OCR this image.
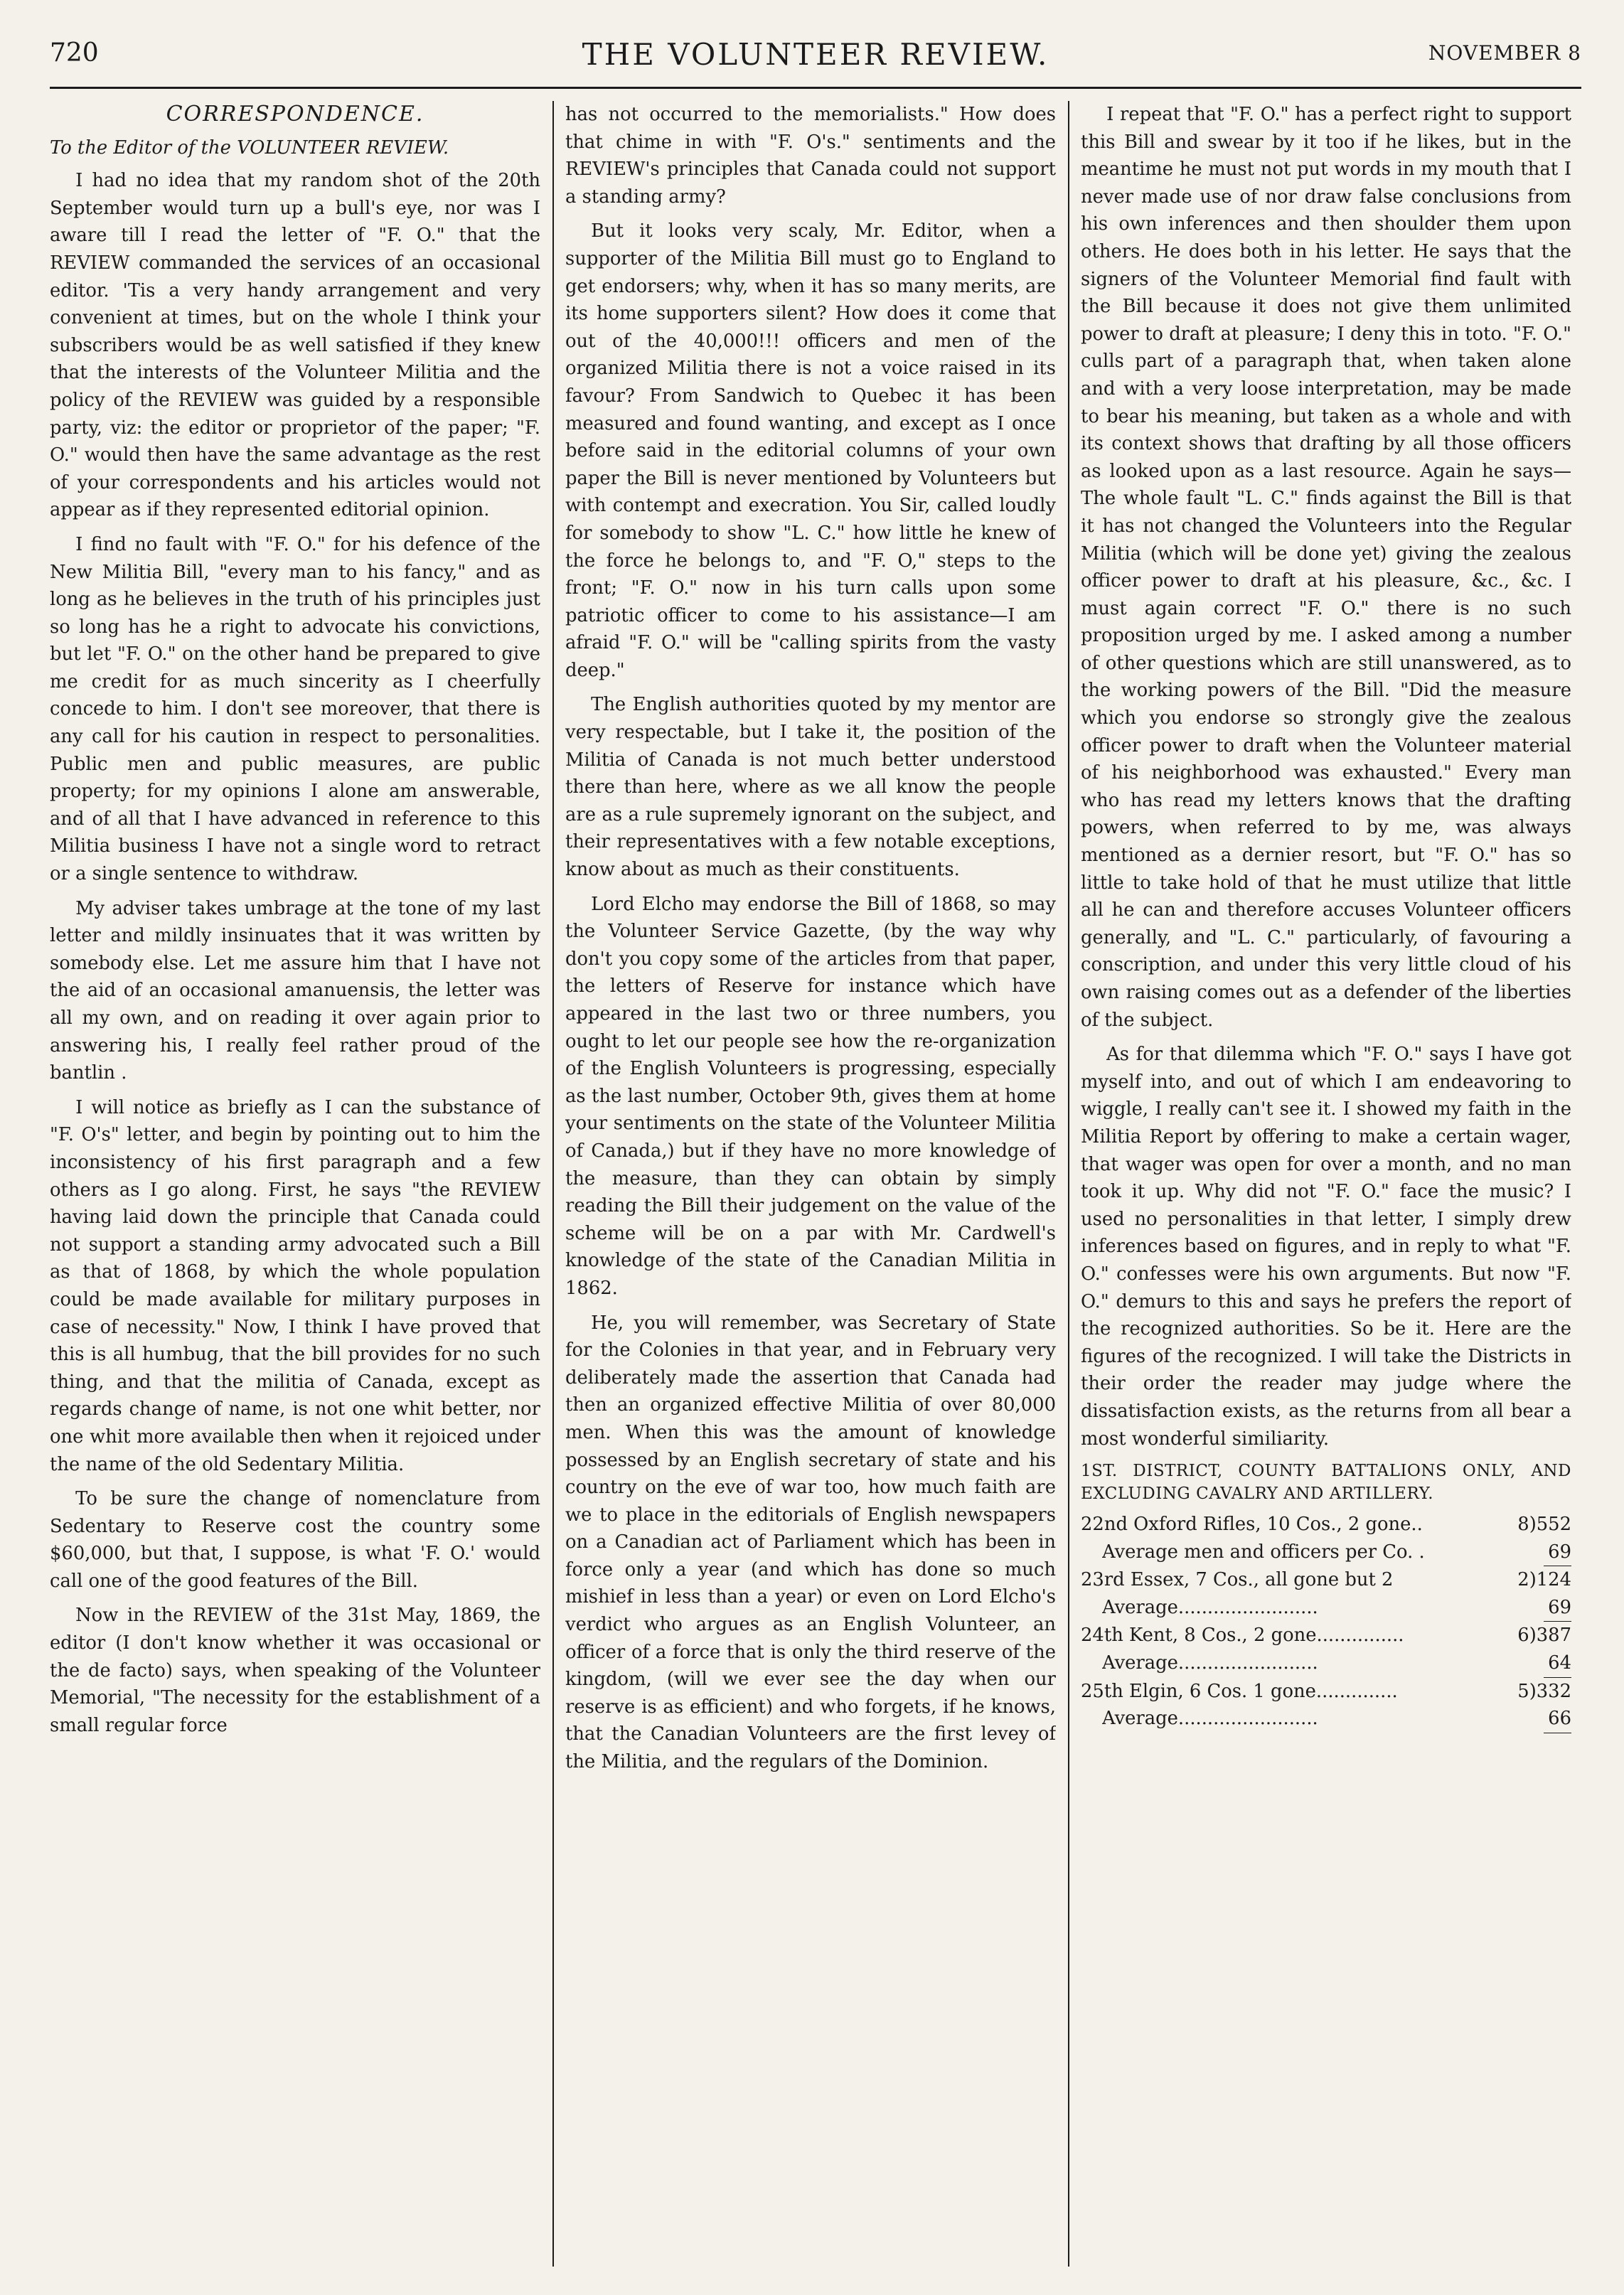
720	THE VOLUNTEER REVIEW.	NOVEMBER 8
CORRESPONDENCE.
To the Editor of the VOLUNTEER REVIEW.

I had no idea that my random shot of the 20th September would turn up a bull's eye, nor was I aware till I read the letter of "F. O." that the REVIEW commanded the services of an occasional editor. 'Tis a very handy arrangement and very convenient at times, but on the whole I think your subscribers would be as well satisfied if they knew that the interests of the Volunteer Militia and the policy of the REVIEW was guided by a responsible party, viz: the editor or proprietor of the paper; "F. O." would then have the same advantage as the rest of your correspondents and his articles would not appear as if they represented editorial opinion.

I find no fault with "F. O." for his defence of the New Militia Bill, "every man to his fancy," and as long as he believes in the truth of his principles just so long has he a right to advocate his convictions, but let "F. O." on the other hand be prepared to give me credit for as much sincerity as I cheerfully concede to him. I don't see moreover, that there is any call for his caution in respect to personalities. Public men and public measures, are public property; for my opinions I alone am answerable, and of all that I have advanced in reference to this Militia business I have not a single word to retract or a single sentence to withdraw.

My adviser takes umbrage at the tone of my last letter and mildly insinuates that it was written by somebody else. Let me assure him that I have not the aid of an occasional amanuensis, the letter was all my own, and on reading it over again prior to answering his, I really feel rather proud of the bantlin .

I will notice as briefly as I can the substance of "F. O's" letter, and begin by pointing out to him the inconsistency of his first paragraph and a few others as I go along. First, he says "the REVIEW having laid down the principle that Canada could not support a standing army advocated such a Bill as that of 1868, by which the whole population could be made available for military purposes in case of necessity." Now, I think I have proved that this is all humbug, that the bill provides for no such thing, and that the militia of Canada, except as regards change of name, is not one whit better, nor one whit more available then when it rejoiced under the name of the old Sedentary Militia.

To be sure the change of nomenclature from Sedentary to Reserve cost the country some $60,000, but that, I suppose, is what 'F. O.' would call one of the good features of the Bill.

Now in the REVIEW of the 31st May, 1869, the editor (I don't know whether it was occasional or the de facto) says, when speaking of the Volunteer Memorial, "The necessity for the establishment of a small regular force

has not occurred to the memorialists." How does that chime in with "F. O's." sentiments and the REVIEW's principles that Canada could not support a standing army?

But it looks very scaly, Mr. Editor, when a supporter of the Militia Bill must go to England to get endorsers; why, when it has so many merits, are its home supporters silent? How does it come that out of the 40,000!!! officers and men of the organized Militia there is not a voice raised in its favour? From Sandwich to Quebec it has been measured and found wanting, and except as I once before said in the editorial columns of your own paper the Bill is never mentioned by Volunteers but with contempt and execration. You Sir, called loudly for somebody to show "L. C." how little he knew of the force he belongs to, and "F. O," steps to the front; "F. O." now in his turn calls upon some patriotic officer to come to his assistance—I am afraid "F. O." will be "calling spirits from the vasty deep."

The English authorities quoted by my mentor are very respectable, but I take it, the position of the Militia of Canada is not much better understood there than here, where as we all know the people are as a rule supremely ignorant on the subject, and their representatives with a few notable exceptions, know about as much as their constituents.

Lord Elcho may endorse the Bill of 1868, so may the Volunteer Service Gazette, (by the way why don't you copy some of the articles from that paper, the letters of Reserve for instance which have appeared in the last two or three numbers, you ought to let our people see how the re-organization of the English Volunteers is progressing, especially as the last number, October 9th, gives them at home your sentiments on the state of the Volunteer Militia of Canada,) but if they have no more knowledge of the measure, than they can obtain by simply reading the Bill their judgement on the value of the scheme will be on a par with Mr. Cardwell's knowledge of the state of the Canadian Militia in 1862.

He, you will remember, was Secretary of State for the Colonies in that year, and in February very deliberately made the assertion that Canada had then an organized effective Militia of over 80,000 men. When this was the amount of knowledge possessed by an English secretary of state and his country on the eve of war too, how much faith are we to place in the editorials of English newspapers on a Canadian act of Parliament which has been in force only a year (and which has done so much mishief in less than a year) or even on Lord Elcho's verdict who argues as an English Volunteer, an officer of a force that is only the third reserve of the kingdom, (will we ever see the day when our reserve is as efficient) and who forgets, if he knows, that the Canadian Volunteers are the first levey of the Militia, and the regulars of the Dominion.

I repeat that "F. O." has a perfect right to support this Bill and swear by it too if he likes, but in the meantime he must not put words in my mouth that I never made use of nor draw false conclusions from his own inferences and then shoulder them upon others. He does both in his letter. He says that the signers of the Volunteer Memorial find fault with the Bill because it does not give them unlimited power to draft at pleasure; I deny this in toto. "F. O." culls part of a paragraph that, when taken alone and with a very loose interpretation, may be made to bear his meaning, but taken as a whole and with its context shows that drafting by all those officers as looked upon as a last resource. Again he says—The whole fault "L. C." finds against the Bill is that it has not changed the Volunteers into the Regular Militia (which will be done yet) giving the zealous officer power to draft at his pleasure, &c., &c. I must again correct "F. O." there is no such proposition urged by me. I asked among a number of other questions which are still unanswered, as to the working powers of the Bill. "Did the measure which you endorse so strongly give the zealous officer power to draft when the Volunteer material of his neighborhood was exhausted." Every man who has read my letters knows that the drafting powers, when referred to by me, was always mentioned as a dernier resort, but "F. O." has so little to take hold of that he must utilize that little all he can and therefore accuses Volunteer officers generally, and "L. C." particularly, of favouring a conscription, and under this very little cloud of his own raising comes out as a defender of the liberties of the subject.

As for that dilemma which "F. O." says I have got myself into, and out of which I am endeavoring to wiggle, I really can't see it. I showed my faith in the Militia Report by offering to make a certain wager, that wager was open for over a month, and no man took it up. Why did not "F. O." face the music? I used no personalities in that letter, I simply drew inferences based on figures, and in reply to what "F. O." confesses were his own arguments. But now "F. O." demurs to this and says he prefers the report of the recognized authorities. So be it. Here are the figures of the recognized. I will take the Districts in their order the reader may judge where the dissatisfaction exists, as the returns from all bear a most wonderful similiarity.

1ST. DISTRICT, COUNTY BATTALIONS ONLY, AND EXCLUDING CAVALRY AND ARTILLERY.

22nd Oxford Rifles, 10 Cos., 2 gone..	8)552
Average men and officers per Co. .	69
23rd Essex, 7 Cos., all gone but 2	2)124
Average........................	69
24th Kent, 8 Cos., 2 gone...............	6)387
Average........................	64
25th Elgin, 6 Cos. 1 gone..............	5)332
Average........................	66
